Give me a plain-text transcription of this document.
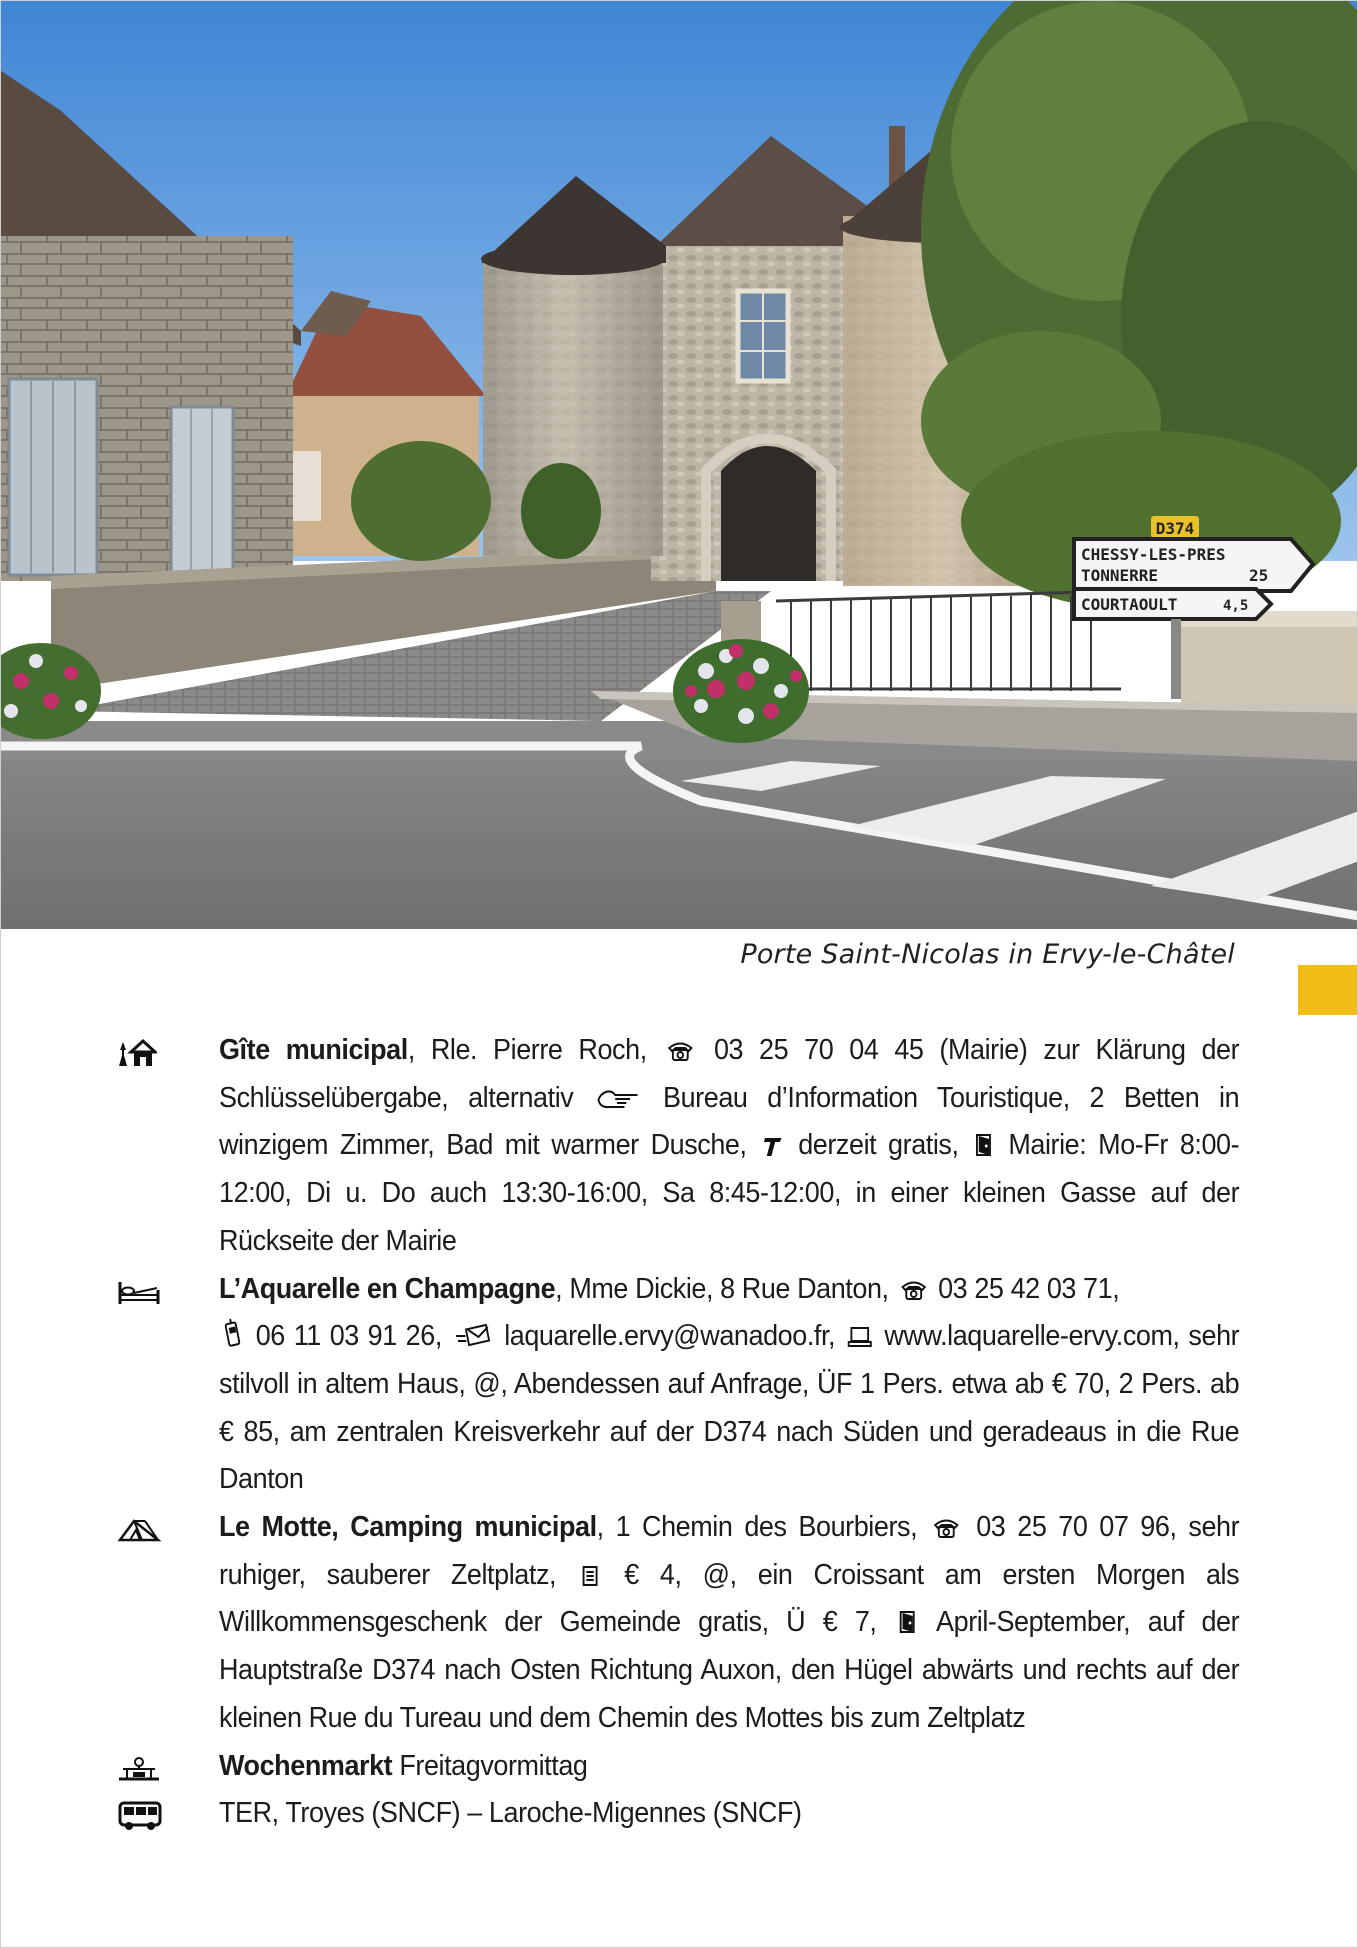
D374
CHESSY-LES-PRES
TONNERRE	25
COURTAOULT	4,5
Porte Saint-Nicolas in Ervy-le-Châtel
Gîte municipal, Rle. Pierre Roch,
03 25 70 04 45 (Mairie) zur Klärung der Schlüsselübergabe, alternativ
Bureau d’Information Touristique, 2 Betten in winzigem Zimmer, Bad mit warmer Dusche,
derzeit gratis,
Mairie: Mo-Fr 8:00-12:00, Di u. Do auch 13:30-16:00, Sa 8:45-12:00, in einer kleinen Gasse auf der Rückseite der Mairie
L’Aquarelle en Champagne, Mme Dickie, 8 Rue Danton,
03 25 42 03 71,

06 11 03 91 26,
laquarelle.ervy@wanadoo.fr,
www.laquarelle-ervy.com, sehr stilvoll in altem Haus, @, Abendessen auf Anfrage, ÜF 1 Pers. etwa ab € 70, 2 Pers. ab € 85, am zentralen Kreisverkehr auf der D374 nach Süden und geradeaus in die Rue Danton
Le Motte, Camping municipal, 1 Chemin des Bourbiers,
03 25 70 07 96, sehr ruhiger, sauberer Zeltplatz,
€ 4, @, ein Croissant am ersten Morgen als Willkommensgeschenk der Gemeinde gratis, Ü € 7,
April-September, auf der Hauptstraße D374 nach Osten Richtung Auxon, den Hügel abwärts und rechts auf der kleinen Rue du Tureau und dem Chemin des Mottes bis zum Zeltplatz
Wochenmarkt Freitagvormittag
TER, Troyes (SNCF) – Laroche-Migennes (SNCF)
